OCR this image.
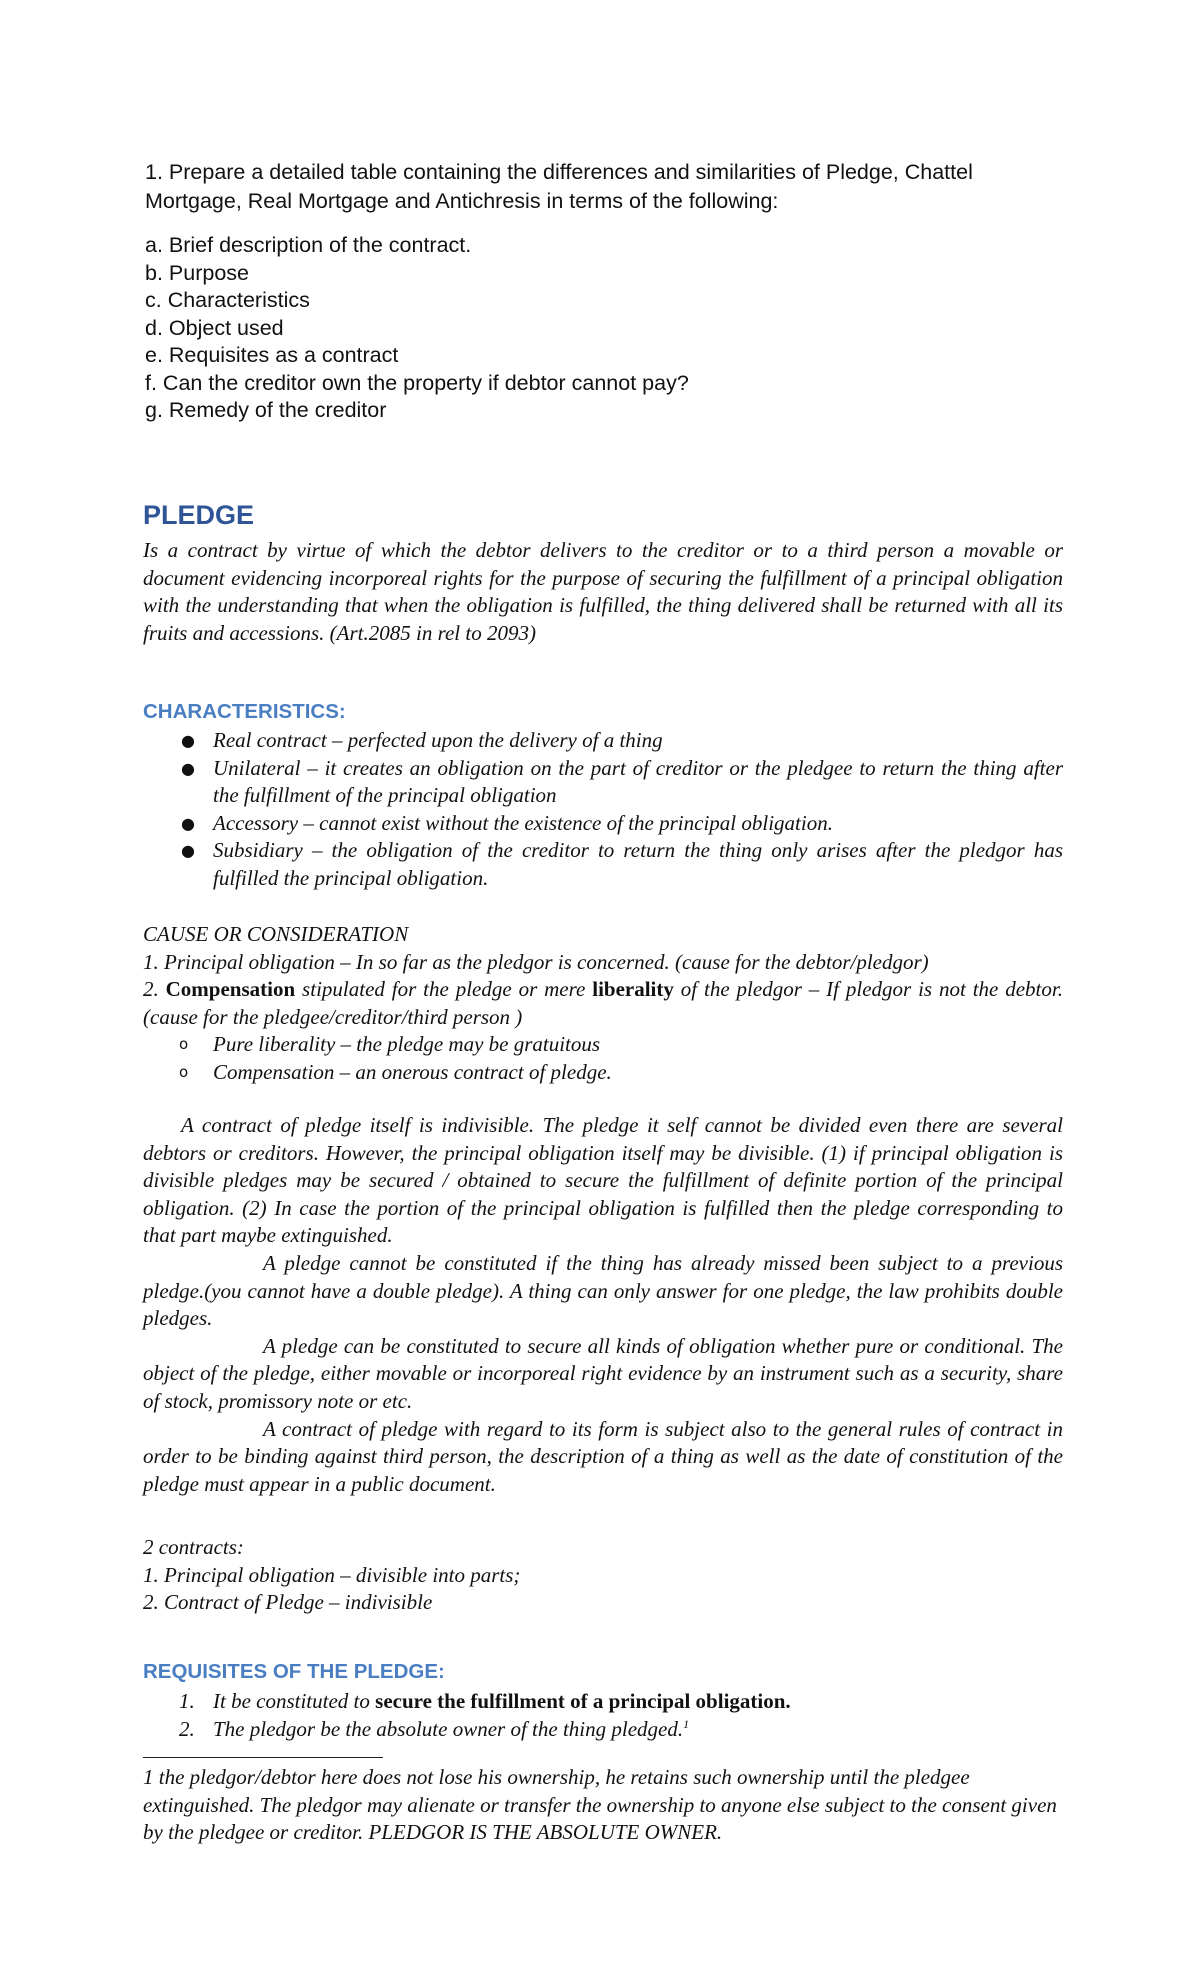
1. Prepare a detailed table containing the differences and similarities of Pledge, Chattel Mortgage, Real Mortgage and Antichresis in terms of the following:
a. Brief description of the contract.
b. Purpose
c. Characteristics
d. Object used
e. Requisites as a contract
f. Can the creditor own the property if debtor cannot pay?
g. Remedy of the creditor
PLEDGE
Is a contract by virtue of which the debtor delivers to the creditor or to a third person a movable or document evidencing incorporeal rights for the purpose of securing the fulfillment of a principal obligation with the understanding that when the obligation is fulfilled, the thing delivered shall be returned with all its fruits and accessions. (Art.2085 in rel to 2093)
CHARACTERISTICS:
● Real contract – perfected upon the delivery of a thing
● Unilateral – it creates an obligation on the part of creditor or the pledgee to return the thing after the fulfillment of the principal obligation
● Accessory – cannot exist without the existence of the principal obligation.
● Subsidiary – the obligation of the creditor to return the thing only arises after the pledgor has fulfilled the principal obligation.
CAUSE OR CONSIDERATION
1. Principal obligation – In so far as the pledgor is concerned. (cause for the debtor/pledgor)
2. Compensation stipulated for the pledge or mere liberality of the pledgor – If pledgor is not the debtor. (cause for the pledgee/creditor/third person )
o Pure liberality – the pledge may be gratuitous
o Compensation – an onerous contract of pledge.
A contract of pledge itself is indivisible. The pledge it self cannot be divided even there are several debtors or creditors. However, the principal obligation itself may be divisible. (1) if principal obligation is divisible pledges may be secured / obtained to secure the fulfillment of definite portion of the principal obligation. (2) In case the portion of the principal obligation is fulfilled then the pledge corresponding to that part maybe extinguished.
A pledge cannot be constituted if the thing has already missed been subject to a previous pledge.(you cannot have a double pledge). A thing can only answer for one pledge, the law prohibits double pledges.
A pledge can be constituted to secure all kinds of obligation whether pure or conditional. The object of the pledge, either movable or incorporeal right evidence by an instrument such as a security, share of stock, promissory note or etc.
A contract of pledge with regard to its form is subject also to the general rules of contract in order to be binding against third person, the description of a thing as well as the date of constitution of the pledge must appear in a public document.
2 contracts:
1. Principal obligation – divisible into parts;
2. Contract of Pledge – indivisible
REQUISITES OF THE PLEDGE:
1. It be constituted to secure the fulfillment of a principal obligation.
2. The pledgor be the absolute owner of the thing pledged.$^1$
1 the pledgor/debtor here does not lose his ownership, he retains such ownership until the pledgee extinguished. The pledgor may alienate or transfer the ownership to anyone else subject to the consent given by the pledgee or creditor. PLEDGOR IS THE ABSOLUTE OWNER.
